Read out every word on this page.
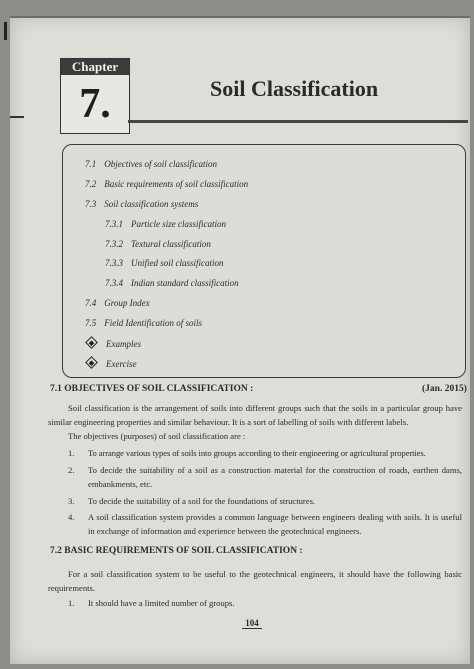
Chapter
7.	Soil Classification
7.1 Objectives of soil classification
7.2 Basic requirements of soil classification
7.3 Soil classification systems
7.3.1 Particle size classification
7.3.2 Textural classification
7.3.3 Unified soil classification
7.3.4 Indian standard classification
7.4 Group Index
7.5 Field Identification of soils
Examples
Exercise
7.1 OBJECTIVES OF SOIL CLASSIFICATION :	(Jan. 2015)
Soil classification is the arrangement of soils into different groups such that the soils in a particular group have similar engineering properties and similar behaviour. It is a sort of labelling of soils with different labels.
The objectives (purposes) of soil classification are :
1. To arrange various types of soils into groups according to their engineering or agricultural properties.
2. To decide the suitability of a soil as a construction material for the construction of roads, earthen dams, embankments, etc.
3. To decide the suitability of a soil for the foundations of structures.
4. A soil classification system provides a common language between engineers dealing with soils. It is useful in exchange of information and experience between the geotechnical engineers.
7.2 BASIC REQUIREMENTS OF SOIL CLASSIFICATION :
For a soil classification system to be useful to the geotechnical engineers, it should have the following basic requirements.
1. It should have a limited number of groups.
104
